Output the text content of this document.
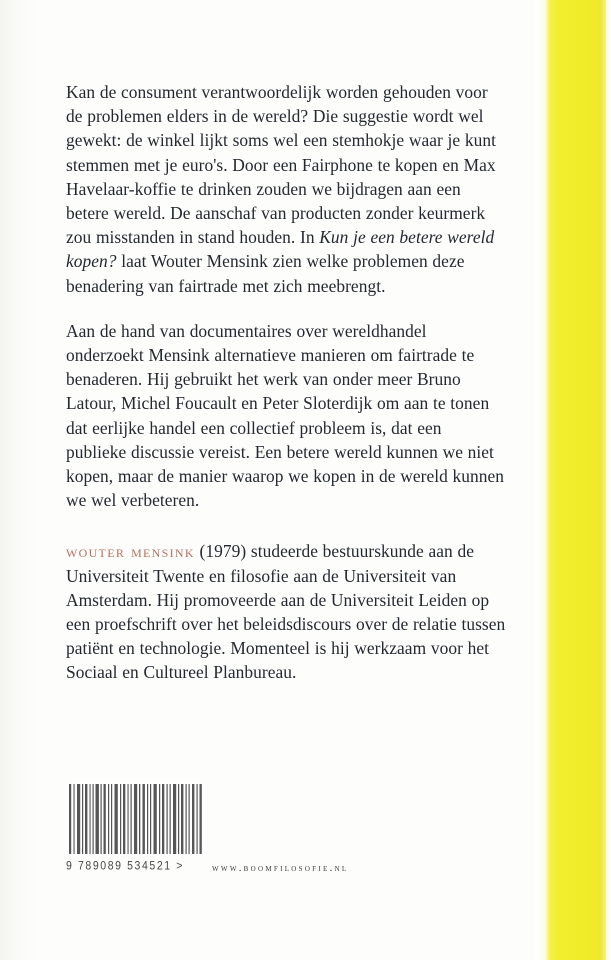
Kan de consument verantwoordelijk worden gehouden voor de problemen elders in de wereld? Die suggestie wordt wel gewekt: de winkel lijkt soms wel een stemhokje waar je kunt stemmen met je euro's. Door een Fairphone te kopen en Max Havelaar-koffie te drinken zouden we bijdragen aan een betere wereld. De aanschaf van producten zonder keurmerk zou misstanden in stand houden. In Kun je een betere wereld kopen? laat Wouter Mensink zien welke problemen deze benadering van fairtrade met zich meebrengt.

Aan de hand van documentaires over wereldhandel onderzoekt Mensink alternatieve manieren om fairtrade te benaderen. Hij gebruikt het werk van onder meer Bruno Latour, Michel Foucault en Peter Sloterdijk om aan te tonen dat eerlijke handel een collectief probleem is, dat een publieke discussie vereist. Een betere wereld kunnen we niet kopen, maar de manier waarop we kopen in de wereld kunnen we wel verbeteren.

wouter mensink (1979) studeerde bestuurskunde aan de Universiteit Twente en filosofie aan de Universiteit van Amsterdam. Hij promoveerde aan de Universiteit Leiden op een proefschrift over het beleidsdiscours over de relatie tussen patiënt en technologie. Momenteel is hij werkzaam voor het Sociaal en Cultureel Planbureau.

9 789089 534521 >	www.boomfilosofie.nl
